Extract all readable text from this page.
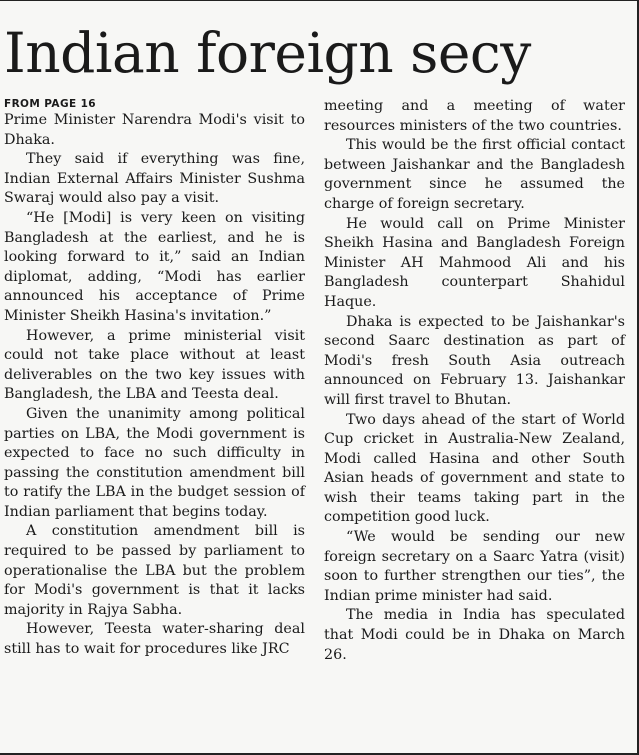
Indian foreign secy
FROM PAGE 16

Prime Minister Narendra Modi's visit to Dhaka.

They said if everything was fine, Indian External Affairs Minister Sushma Swaraj would also pay a visit.

“He [Modi] is very keen on visiting Bangladesh at the earliest, and he is looking forward to it,” said an Indian diplomat, adding, “Modi has earlier announced his acceptance of Prime Minister Sheikh Hasina's invitation.”

However, a prime ministerial visit could not take place without at least deliverables on the two key issues with Bangladesh, the LBA and Teesta deal.

Given the unanimity among political parties on LBA, the Modi government is expected to face no such difficulty in passing the constitution amendment bill to ratify the LBA in the budget session of Indian parliament that begins today.

A constitution amendment bill is required to be passed by parliament to operationalise the LBA but the problem for Modi's government is that it lacks majority in Rajya Sabha.

However, Teesta water-sharing deal still has to wait for procedures like JRC

meeting and a meeting of water resources ministers of the two countries.

This would be the first official contact between Jaishankar and the Bangladesh government since he assumed the charge of foreign secretary.

He would call on Prime Minister Sheikh Hasina and Bangladesh Foreign Minister AH Mahmood Ali and his Bangladesh counterpart Shahidul Haque.

Dhaka is expected to be Jaishankar's second Saarc destination as part of Modi's fresh South Asia outreach announced on February 13. Jaishankar will first travel to Bhutan.

Two days ahead of the start of World Cup cricket in Australia-New Zealand, Modi called Hasina and other South Asian heads of government and state to wish their teams taking part in the competition good luck.

“We would be sending our new foreign secretary on a Saarc Yatra (visit) soon to further strengthen our ties”, the Indian prime minister had said.

The media in India has speculated that Modi could be in Dhaka on March 26.
